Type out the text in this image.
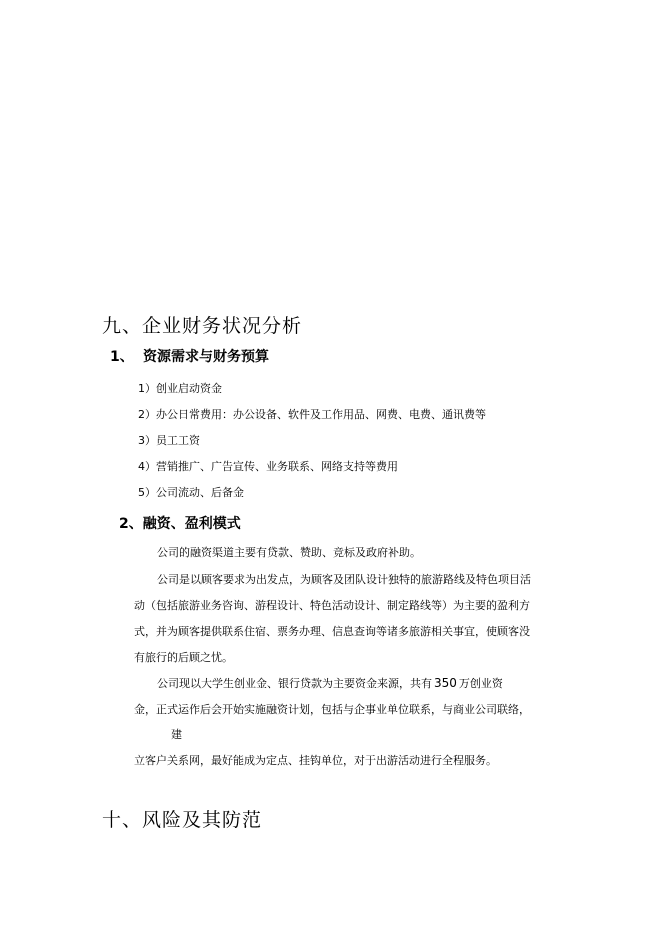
九、企业财务状况分析
1、 资源需求与财务预算
1）创业启动资金
2）办公日常费用：办公设备、软件及工作用品、网费、电费、通讯费等
3）员工工资
4）营销推广、广告宣传、业务联系、网络支持等费用
5）公司流动、后备金
2、融资、盈利模式
公司的融资渠道主要有贷款、赞助、竞标及政府补助。
公司是以顾客要求为出发点，为顾客及团队设计独特的旅游路线及特色项目活
动（包括旅游业务咨询、游程设计、特色活动设计、制定路线等）为主要的盈利方
式，并为顾客提供联系住宿、票务办理、信息查询等诸多旅游相关事宜，使顾客没
有旅行的后顾之忧。
公司现以大学生创业金、银行贷款为主要资金来源，共有 350 万创业资
金，正式运作后会开始实施融资计划，包括与企事业单位联系，与商业公司联络，
建
立客户关系网，最好能成为定点、挂钩单位，对于出游活动进行全程服务。
十、风险及其防范
